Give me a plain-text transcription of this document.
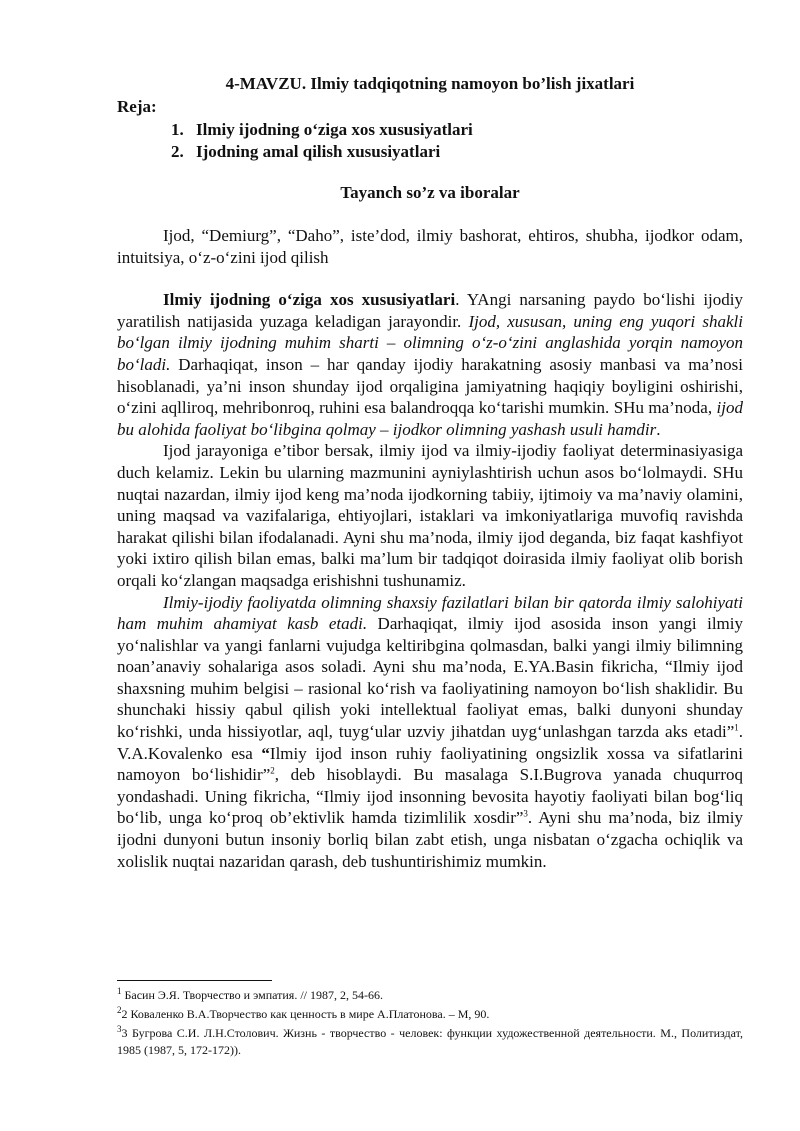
4-MAVZU. Ilmiy tadqiqotning namoyon bo’lish jixatlari
Reja:
1. Ilmiy ijodning o‘ziga xos xususiyatlari
2. Ijodning amal qilish xususiyatlari
Tayanch so’z va iboralar

Ijod, “Demiurg”, “Daho”, iste’dod, ilmiy bashorat, ehtiros, shubha, ijodkor odam, intuitsiya, o‘z-o‘zini ijod qilish

Ilmiy ijodning o‘ziga xos xususiyatlari. YAngi narsaning paydo bo‘lishi ijodiy yaratilish natijasida yuzaga keladigan jarayondir. Ijod, xususan, uning eng yuqori shakli bo‘lgan ilmiy ijodning muhim sharti – olimning o‘z-o‘zini anglashida yorqin namoyon bo‘ladi. Darhaqiqat, inson – har qanday ijodiy harakatning asosiy manbasi va ma’nosi hisoblanadi, ya’ni inson shunday ijod orqaligina jamiyatning haqiqiy boyligini oshirishi, o‘zini aqlliroq, mehribonroq, ruhini esa balandroqqa ko‘tarishi mumkin. SHu ma’noda, ijod bu alohida faoliyat bo‘libgina qolmay – ijodkor olimning yashash usuli hamdir.

Ijod jarayoniga e’tibor bersak, ilmiy ijod va ilmiy-ijodiy faoliyat determinasiyasiga duch kelamiz. Lekin bu ularning mazmunini ayniylashtirish uchun asos bo‘lolmaydi. SHu nuqtai nazardan, ilmiy ijod keng ma’noda ijodkorning tabiiy, ijtimoiy va ma’naviy olamini, uning maqsad va vazifalariga, ehtiyojlari, istaklari va imkoniyatlariga muvofiq ravishda harakat qilishi bilan ifodalanadi. Ayni shu ma’noda, ilmiy ijod deganda, biz faqat kashfiyot yoki ixtiro qilish bilan emas, balki ma’lum bir tadqiqot doirasida ilmiy faoliyat olib borish orqali ko‘zlangan maqsadga erishishni tushunamiz.

Ilmiy-ijodiy faoliyatda olimning shaxsiy fazilatlari bilan bir qatorda ilmiy salohiyati ham muhim ahamiyat kasb etadi. Darhaqiqat, ilmiy ijod asosida inson yangi ilmiy yo‘nalishlar va yangi fanlarni vujudga keltiribgina qolmasdan, balki yangi ilmiy bilimning noan’anaviy sohalariga asos soladi. Ayni shu ma’noda, E.YA.Basin fikricha, “Ilmiy ijod shaxsning muhim belgisi – rasional ko‘rish va faoliyatining namoyon bo‘lish shaklidir. Bu shunchaki hissiy qabul qilish yoki intellektual faoliyat emas, balki dunyoni shunday ko‘rishki, unda hissiyotlar, aql, tuyg‘ular uzviy jihatdan uyg‘unlashgan tarzda aks etadi”$^1$. V.A.Kovalenko esa “Ilmiy ijod inson ruhiy faoliyatining ongsizlik xossa va sifatlarini namoyon bo‘lishidir”$^2$, deb hisoblaydi. Bu masalaga S.I.Bugrova yanada chuqurroq yondashadi. Uning fikricha, “Ilmiy ijod insonning bevosita hayotiy faoliyati bilan bog‘liq bo‘lib, unga ko‘proq ob’ektivlik hamda tizimlilik xosdir”$^3$. Ayni shu ma’noda, biz ilmiy ijodni dunyoni butun insoniy borliq bilan zabt etish, unga nisbatan o‘zgacha ochiqlik va xolislik nuqtai nazaridan qarash, deb tushuntirishimiz mumkin.

$^1$ Басин Э.Я. Творчество и эмпатия. // 1987, 2, 54-66.
$^2$2 Коваленко В.А.Творчество как ценность в мире А.Платонова. – М, 90.
$^3$3 Бугрова С.И. Л.Н.Столович. Жизнь - творчество - человек: функции художественной деятельности. М., Политиздат, 1985 (1987, 5, 172-172)).
